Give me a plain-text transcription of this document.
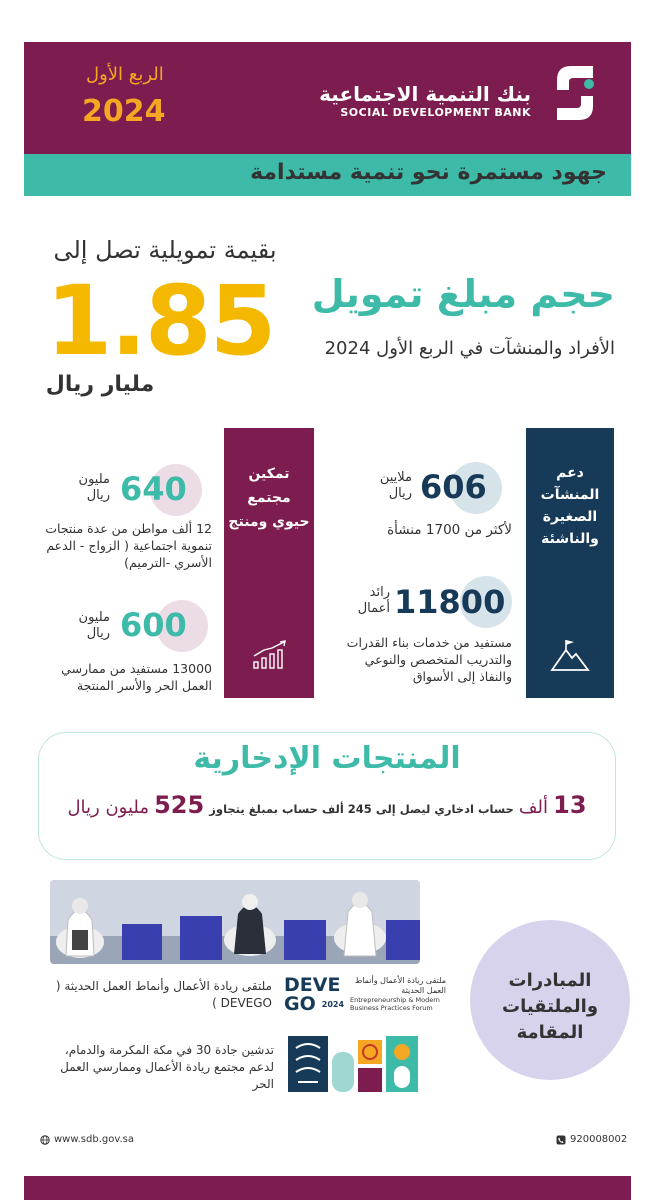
بنك التنمية الاجتماعية
SOCIAL DEVELOPMENT BANK
الربع الأول
2024
جهود مستمرة نحو تنمية مستدامة
بقيمة تمويلية تصل إلى
1.85
مليار ريال
حجم مبلغ تمويل
الأفراد والمنشآت في الربع الأول 2024
دعم المنشآت الصغيرة والناشئة
606
ملايين
ريال
لأكثر من 1700 منشأة
11800
رائد
أعمال
مستفيد من خدمات بناء القدرات والتدريب المتخصص والنوعي والنفاذ إلى الأسواق
تمكين مجتمع حيوي ومنتج
640
مليون
ريال
12 ألف مواطن من عدة منتجات تنموية اجتماعية ( الزواج - الدعم الأسري -الترميم)
600
مليون
ريال
13000 مستفيد من ممارسي العمل الحر والأسر المنتجة
المنتجات الإدخارية
13 ألف حساب ادخاري ليصل إلى 245 ألف حساب بمبلغ يتجاوز 525 مليون ريال
المبادرات والملتقيات المقامة
DEVE
GO 2024
ملتقى ريادة الأعمال وأنماط العمل الحديثة
Entrepreneurship & Modern Business Practices Forum
ملتقى ريادة الأعمال وأنماط العمل الحديثة ( DEVEGO )
تدشين جادة 30 في مكة المكرمة والدمام، لدعم مجتمع ريادة الأعمال وممارسي العمل الحر
www.sdb.gov.sa	920008002
